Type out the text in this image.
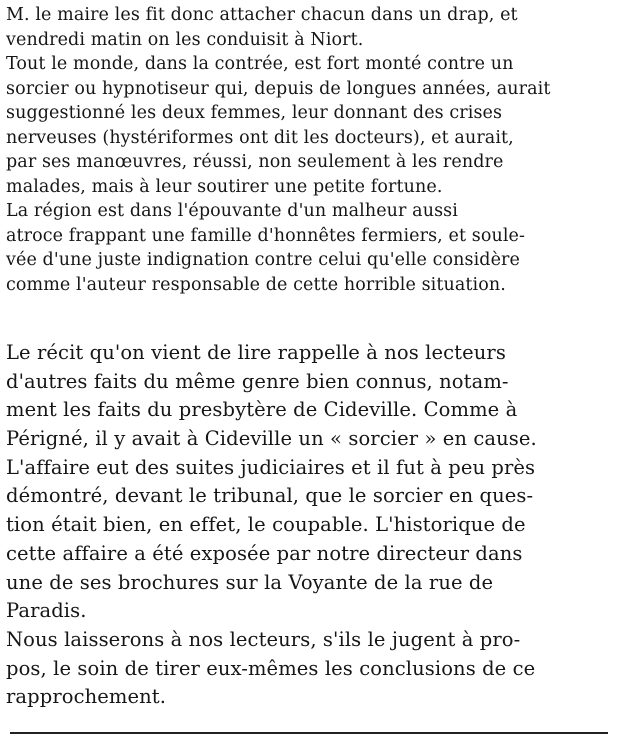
M. le maire les fit donc attacher chacun dans un drap, et
vendredi matin on les conduisit à Niort.
Tout le monde, dans la contrée, est fort monté contre un
sorcier ou hypnotiseur qui, depuis de longues années, aurait
suggestionné les deux femmes, leur donnant des crises
nerveuses (hystériformes ont dit les docteurs), et aurait,
par ses manœuvres, réussi, non seulement à les rendre
malades, mais à leur soutirer une petite fortune.
La région est dans l'épouvante d'un malheur aussi
atroce frappant une famille d'honnêtes fermiers, et soule-
vée d'une juste indignation contre celui qu'elle considère
comme l'auteur responsable de cette horrible situation.
Le récit qu'on vient de lire rappelle à nos lecteurs
d'autres faits du même genre bien connus, notam-
ment les faits du presbytère de Cideville. Comme à
Périgné, il y avait à Cideville un « sorcier » en cause.
L'affaire eut des suites judiciaires et il fut à peu près
démontré, devant le tribunal, que le sorcier en ques-
tion était bien, en effet, le coupable. L'historique de
cette affaire a été exposée par notre directeur dans
une de ses brochures sur la Voyante de la rue de
Paradis.
Nous laisserons à nos lecteurs, s'ils le jugent à pro-
pos, le soin de tirer eux-mêmes les conclusions de ce
rapprochement.
